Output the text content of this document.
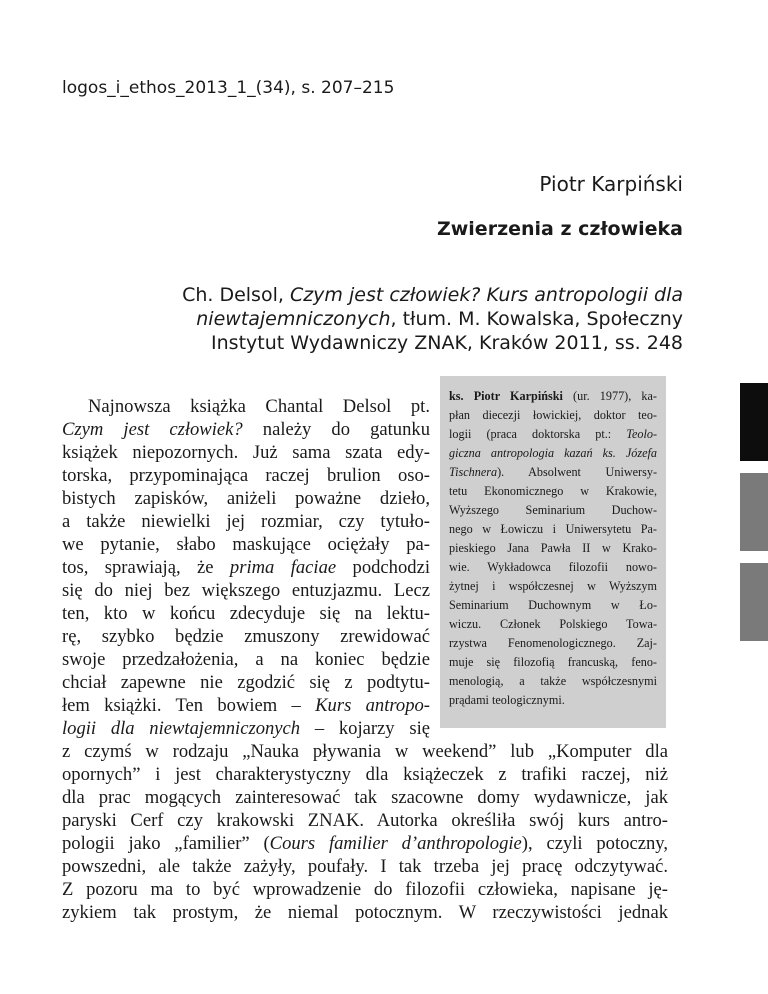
logos_i_ethos_2013_1_(34), s. 207–215
Piotr Karpiński
Zwierzenia z człowieka
Ch. Delsol, Czym jest człowiek? Kurs antropologii dla
niewtajemniczonych, tłum. M. Kowalska, Społeczny
Instytut Wydawniczy ZNAK, Kraków 2011, ss. 248
ks. Piotr Karpiński (ur. 1977), ka-
płan diecezji łowickiej, doktor teo-
logii (praca doktorska pt.: Teolo-
giczna antropologia kazań ks. Józefa
Tischnera). Absolwent Uniwersy-
tetu Ekonomicznego w Krakowie,
Wyższego Seminarium Duchow-
nego w Łowiczu i Uniwersytetu Pa-
pieskiego Jana Pawła II w Krako-
wie. Wykładowca filozofii nowo-
żytnej i współczesnej w Wyższym
Seminarium Duchownym w Ło-
wiczu. Członek Polskiego Towa-
rzystwa Fenomenologicznego. Zaj-
muje się filozofią francuską, feno-
menologią, a także współczesnymi
prądami teologicznymi.
Najnowsza książka Chantal Delsol pt.
Czym jest człowiek? należy do gatunku
książek niepozornych. Już sama szata edy-
torska, przypominająca raczej brulion oso-
bistych zapisków, aniżeli poważne dzieło,
a także niewielki jej rozmiar, czy tytuło-
we pytanie, słabo maskujące ociężały pa-
tos, sprawiają, że prima faciae podchodzi
się do niej bez większego entuzjazmu. Lecz
ten, kto w końcu zdecyduje się na lektu-
rę, szybko będzie zmuszony zrewidować
swoje przedzałożenia, a na koniec będzie
chciał zapewne nie zgodzić się z podtytu-
łem książki. Ten bowiem – Kurs antropo-
logii dla niewtajemniczonych – kojarzy się
z czymś w rodzaju „Nauka pływania w weekend” lub „Komputer dla
opornych” i jest charakterystyczny dla książeczek z trafiki raczej, niż
dla prac mogących zainteresować tak szacowne domy wydawnicze, jak
paryski Cerf czy krakowski ZNAK. Autorka określiła swój kurs antro-
pologii jako „familier” (Cours familier d’anthropologie), czyli potoczny,
powszedni, ale także zażyły, poufały. I tak trzeba jej pracę odczytywać.
Z pozoru ma to być wprowadzenie do filozofii człowieka, napisane ję-
zykiem tak prostym, że niemal potocznym. W rzeczywistości jednak
